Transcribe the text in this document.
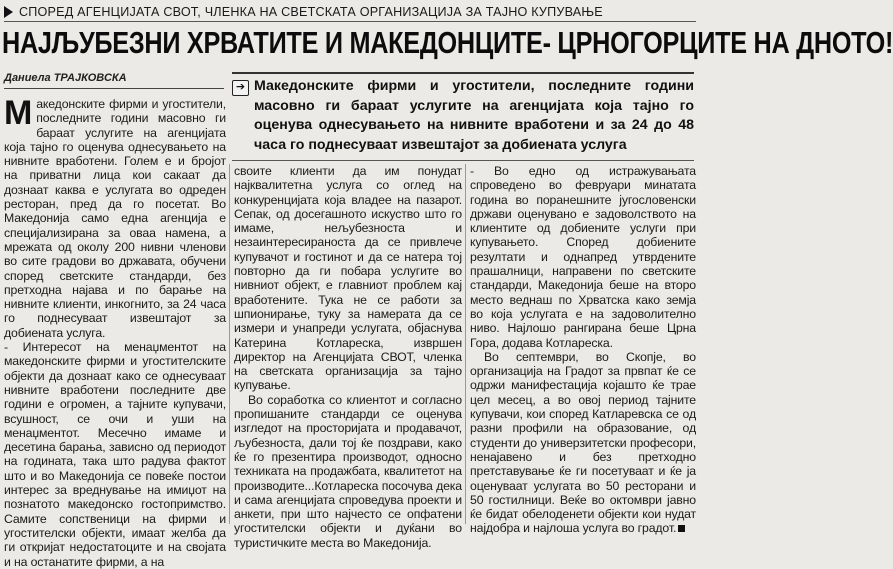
СПОРЕД АГЕНЦИЈАТА СВОТ, ЧЛЕНКА НА СВЕТСКАТА ОРГАНИЗАЦИЈА ЗА ТАЈНО КУПУВАЊЕ
НАЈЉУБЕЗНИ ХРВАТИТЕ И МАКЕДОНЦИТЕ- ЦРНОГОРЦИТЕ НА ДНОТО!
Даниела ТРАЈКОВСКА
➔ Македонските фирми и угостители, последните години масовно ги бараат услугите на агенцијата која тајно го оценува однесувањето на нивните вработени и за 24 до 48 часа го поднесуваат извештајот за добиената услуга

Македонските фирми и угостители, последните години масовно ги бараат услугите на агенцијата која тајно го оценува однесувањето на нивните вработени. Голем е и бројот на приватни лица кои сакаат да дознаат каква е услугата во одреден ресторан, пред да го посетат. Во Македонија само една агенција е специјализирана за оваа намена, а мрежата од околу 200 нивни членови во сите градови во државата, обучени според светските стандарди, без претходна најава и по барање на нивните клиенти, инкогнито, за 24 часа го поднесуваат извештајот за добиената услуга.

- Интересот на менаџментот на македонските фирми и угостителските објекти да дознаат како се однесуваат нивните вработени последните две години е огромен, а тајните купувачи, всушност, се очи и уши на менаџментот. Месечно имаме и десетина барања, зависно од периодот на годината, така што радува фактот што и во Македонија се повеќе постои интерес за вреднување на имиџот на познатото македонско гостопримство. Самите сопственици на фирми и угостителски објекти, имаат желба да ги откријат недостатоците и на својата и на останатите фирми, а на

своите клиенти да им понудат најквалитетна услуга со оглед на конкуренцијата која владее на пазарот. Сепак, од досегашното искуство што го имаме, нељубезноста и незаинтересираноста да се привлече купувачот и гостинот и да се натера тој повторно да ги побара услугите во нивниот објект, е главниот проблем кај вработените. Тука не се работи за шпионирање, туку за намерата да се измери и унапреди услугата, објаснува Катерина Котлареска, извршен директор на Агенцијата СВОТ, членка на светската организација за тајно купување.

Во соработка со клиентот и согласно пропишаните стандарди се оценува изгледот на просторијата и продавачот, љубезноста, дали тој ќе поздрави, како ќе го презентира производот, односно техниката на продажбата, квалитетот на производите...Котлареска посочува дека и сама агенцијата спроведува проекти и анкети, при што најчесто се опфатени угостителски објекти и дуќани во туристичките места во Македонија.

- Во едно од истражувањата спроведено во февруари минатата година во поранешните југословенски држави оценувано е задоволството на клиентите од добиените услуги при купувањето. Според добиените резултати и однапред утврдените прашалници, направени по светските стандарди, Македонија беше на второ место веднаш по Хрватска како земја во која услугата е на задоволително ниво. Најлошо рангирана беше Црна Гора, додава Котлареска.

Во септември, во Скопје, во организација на Градот за првпат ќе се одржи манифестација којашто ќе трае цел месец, а во овој период тајните купувачи, кои според Катларевска се од разни профили на образование, од студенти до универзитетски професори, ненајавено и без претходно претставување ќе ги посетуваат и ќе ја оценуваат услугата во 50 ресторани и 50 гостилници. Веќе во октомври јавно ќе бидат обелоденети објекти кои нудат најдобра и најлоша услуга во градот.
